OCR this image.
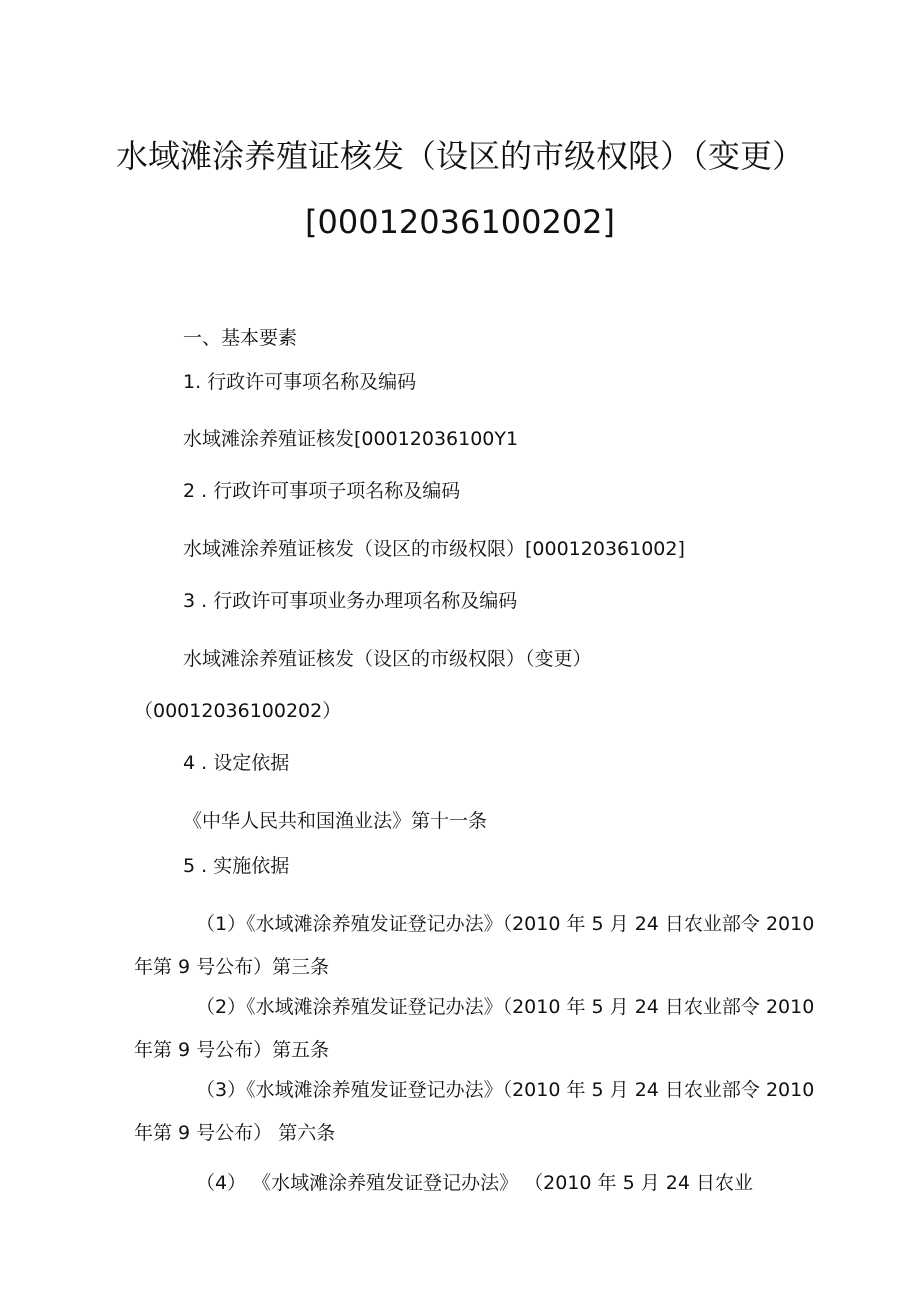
水域滩涂养殖证核发（设区的市级权限）（变更）
[00012036100202]

一、基本要素

1. 行政许可事项名称及编码

水域滩涂养殖证核发[00012036100Y1

2 . 行政许可事项子项名称及编码

水域滩涂养殖证核发（设区的市级权限）[000120361002]

3 . 行政许可事项业务办理项名称及编码

水域滩涂养殖证核发（设区的市级权限）（变更）

（00012036100202）

4 . 设定依据

《中华人民共和国渔业法》第十一条

5 . 实施依据

（1）《水域滩涂养殖发证登记办法》（2010 年 5 月 24 日农业部令 2010

年第 9 号公布）第三条

（2）《水域滩涂养殖发证登记办法》（2010 年 5 月 24 日农业部令 2010

年第 9 号公布）第五条

（3）《水域滩涂养殖发证登记办法》（2010 年 5 月 24 日农业部令 2010

年第 9 号公布） 第六条

（4） 《水域滩涂养殖发证登记办法》 （2010 年 5 月 24 日农业
